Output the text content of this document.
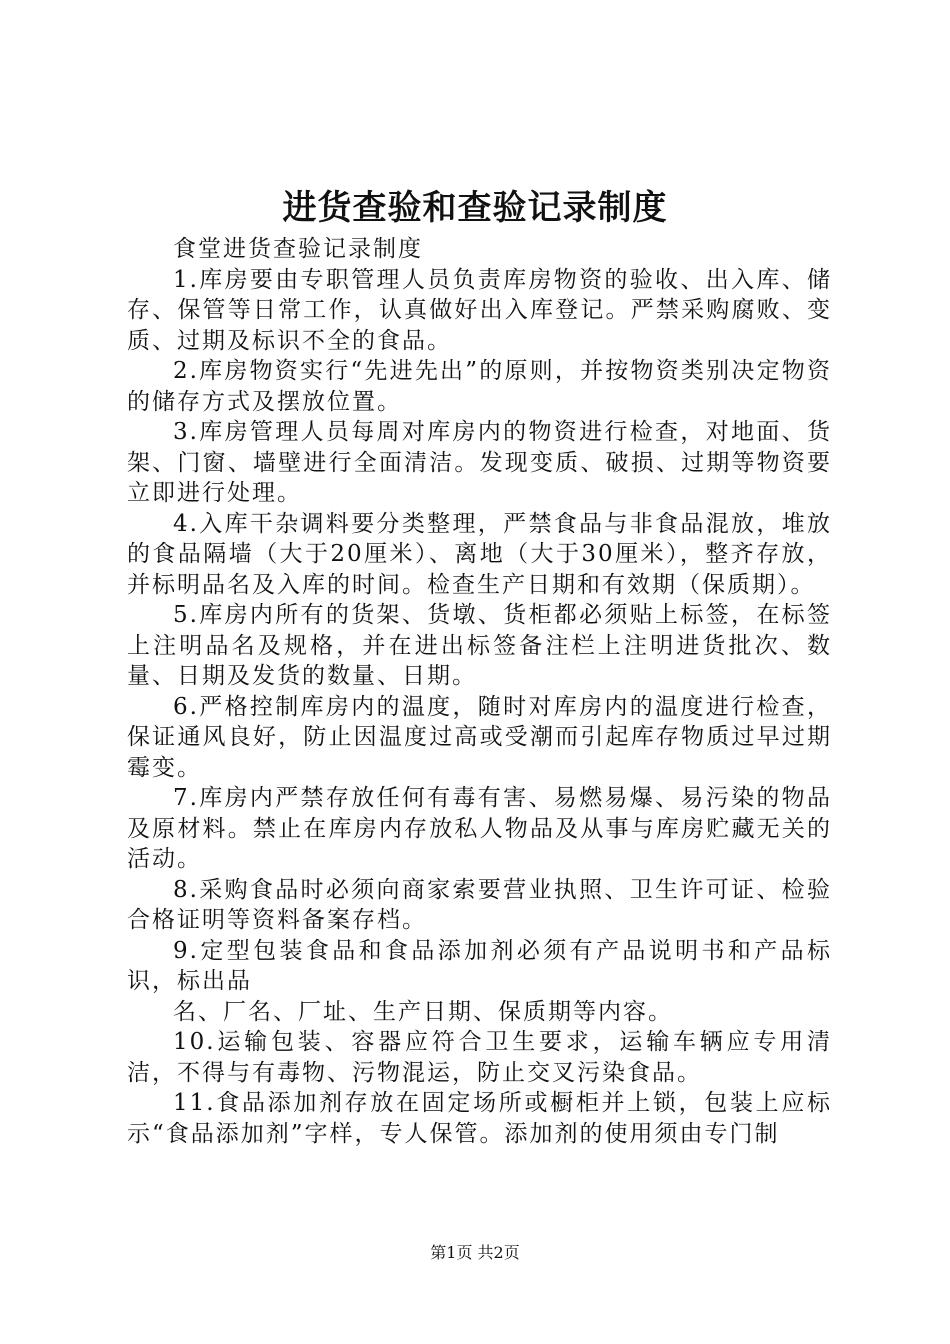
进货查验和查验记录制度

食堂进货查验记录制度

1.库房要由专职管理人员负责库房物资的验收、出入库、储存、保管等日常工作，认真做好出入库登记。严禁采购腐败、变质、过期及标识不全的食品。

2.库房物资实行“先进先出”的原则，并按物资类别决定物资的储存方式及摆放位置。

3.库房管理人员每周对库房内的物资进行检查，对地面、货架、门窗、墙壁进行全面清洁。发现变质、破损、过期等物资要立即进行处理。

4.入库干杂调料要分类整理，严禁食品与非食品混放，堆放的食品隔墙（大于20厘米）、离地（大于30厘米），整齐存放，并标明品名及入库的时间。检查生产日期和有效期（保质期）。

5.库房内所有的货架、货墩、货柜都必须贴上标签，在标签上注明品名及规格，并在进出标签备注栏上注明进货批次、数量、日期及发货的数量、日期。

6.严格控制库房内的温度，随时对库房内的温度进行检查，保证通风良好，防止因温度过高或受潮而引起库存物质过早过期霉变。

7.库房内严禁存放任何有毒有害、易燃易爆、易污染的物品及原材料。禁止在库房内存放私人物品及从事与库房贮藏无关的活动。

8.采购食品时必须向商家索要营业执照、卫生许可证、检验合格证明等资料备案存档。

9.定型包装食品和食品添加剂必须有产品说明书和产品标识，标出品

名、厂名、厂址、生产日期、保质期等内容。

10.运输包装、容器应符合卫生要求，运输车辆应专用清洁，不得与有毒物、污物混运，防止交叉污染食品。

11.食品添加剂存放在固定场所或橱柜并上锁，包装上应标示“食品添加剂”字样，专人保管。添加剂的使用须由专门制

第1页 共2页
